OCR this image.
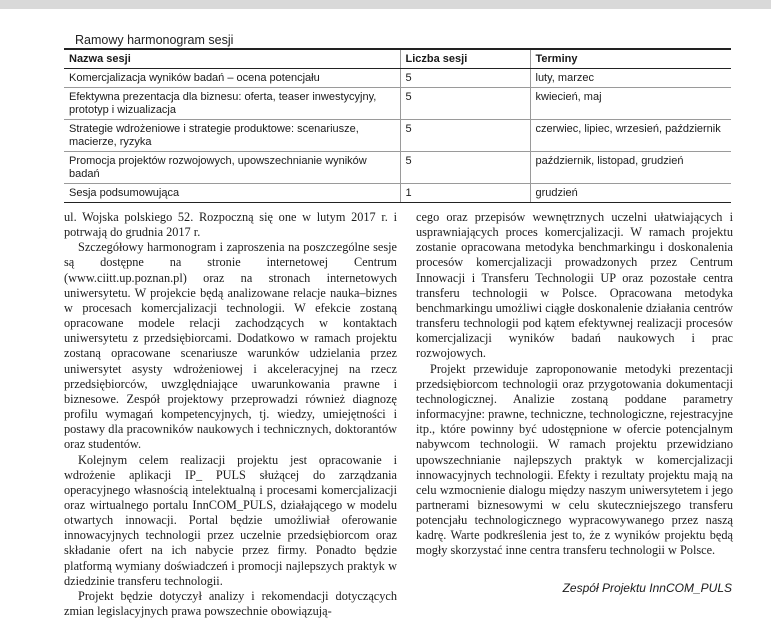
Ramowy harmonogram sesji
Nazwa sesji	Liczba sesji	Terminy
Komercjalizacja wyników badań – ocena potencjału	5	luty, marzec
Efektywna prezentacja dla biznesu: oferta, teaser inwestycyjny, prototyp i wizualizacja	5	kwiecień, maj
Strategie wdrożeniowe i strategie produktowe: scenariusze, macierze, ryzyka	5	czerwiec, lipiec, wrzesień, październik
Promocja projektów rozwojowych, upowszechnianie wyników badań	5	październik, listopad, grudzień
Sesja podsumowująca	1	grudzień

ul. Wojska polskiego 52. Rozpoczną się one w lutym 2017 r. i potrwają do grudnia 2017 r.

Szczegółowy harmonogram i zaproszenia na poszczególne sesje są dostępne na stronie internetowej Centrum (www.ciitt.up.poznan.pl) oraz na stronach internetowych uniwersytetu. W projekcie będą analizowane relacje nauka–biznes w procesach komercjalizacji technologii. W efekcie zostaną opracowane modele relacji zachodzących w kontaktach uniwersytetu z przedsiębiorcami. Dodatkowo w ramach projektu zostaną opracowane scenariusze warunków udzielania przez uniwersytet asysty wdrożeniowej i akceleracyjnej na rzecz przedsiębiorców, uwzględniające uwarunkowania prawne i biznesowe. Zespół projektowy przeprowadzi również diagnozę profilu wymagań kompetencyjnych, tj. wiedzy, umiejętności i postawy dla pracowników naukowych i technicznych, doktorantów oraz studentów.

Kolejnym celem realizacji projektu jest opracowanie i wdrożenie aplikacji IP_ PULS służącej do zarządzania operacyjnego własnością intelektualną i procesami komercjalizacji oraz wirtualnego portalu InnCOM_PULS, działającego w modelu otwartych innowacji. Portal będzie umożliwiał oferowanie innowacyjnych technologii przez uczelnie przedsiębiorcom oraz składanie ofert na ich nabycie przez firmy. Ponadto będzie platformą wymiany doświadczeń i promocji najlepszych praktyk w dziedzinie transferu technologii.

Projekt będzie dotyczył analizy i rekomendacji dotyczących zmian legislacyjnych prawa powszechnie obowiązują-

cego oraz przepisów wewnętrznych uczelni ułatwiających i usprawniających proces komercjalizacji. W ramach projektu zostanie opracowana metodyka benchmarkingu i doskonalenia procesów komercjalizacji prowadzonych przez Centrum Innowacji i Transferu Technologii UP oraz pozostałe centra transferu technologii w Polsce. Opracowana metodyka benchmarkingu umożliwi ciągłe doskonalenie działania centrów transferu technologii pod kątem efektywnej realizacji procesów komercjalizacji wyników badań naukowych i prac rozwojowych.

Projekt przewiduje zaproponowanie metodyki prezentacji przedsiębiorcom technologii oraz przygotowania dokumentacji technologicznej. Analizie zostaną poddane parametry informacyjne: prawne, techniczne, technologiczne, rejestracyjne itp., które powinny być udostępnione w ofercie potencjalnym nabywcom technologii. W ramach projektu przewidziano upowszechnianie najlepszych praktyk w komercjalizacji innowacyjnych technologii. Efekty i rezultaty projektu mają na celu wzmocnienie dialogu między naszym uniwersytetem i jego partnerami biznesowymi w celu skuteczniejszego transferu potencjału technologicznego wypracowywanego przez naszą kadrę. Warte podkreślenia jest to, że z wyników projektu będą mogły skorzystać inne centra transferu technologii w Polsce.

Zespół Projektu InnCOM_PULS
